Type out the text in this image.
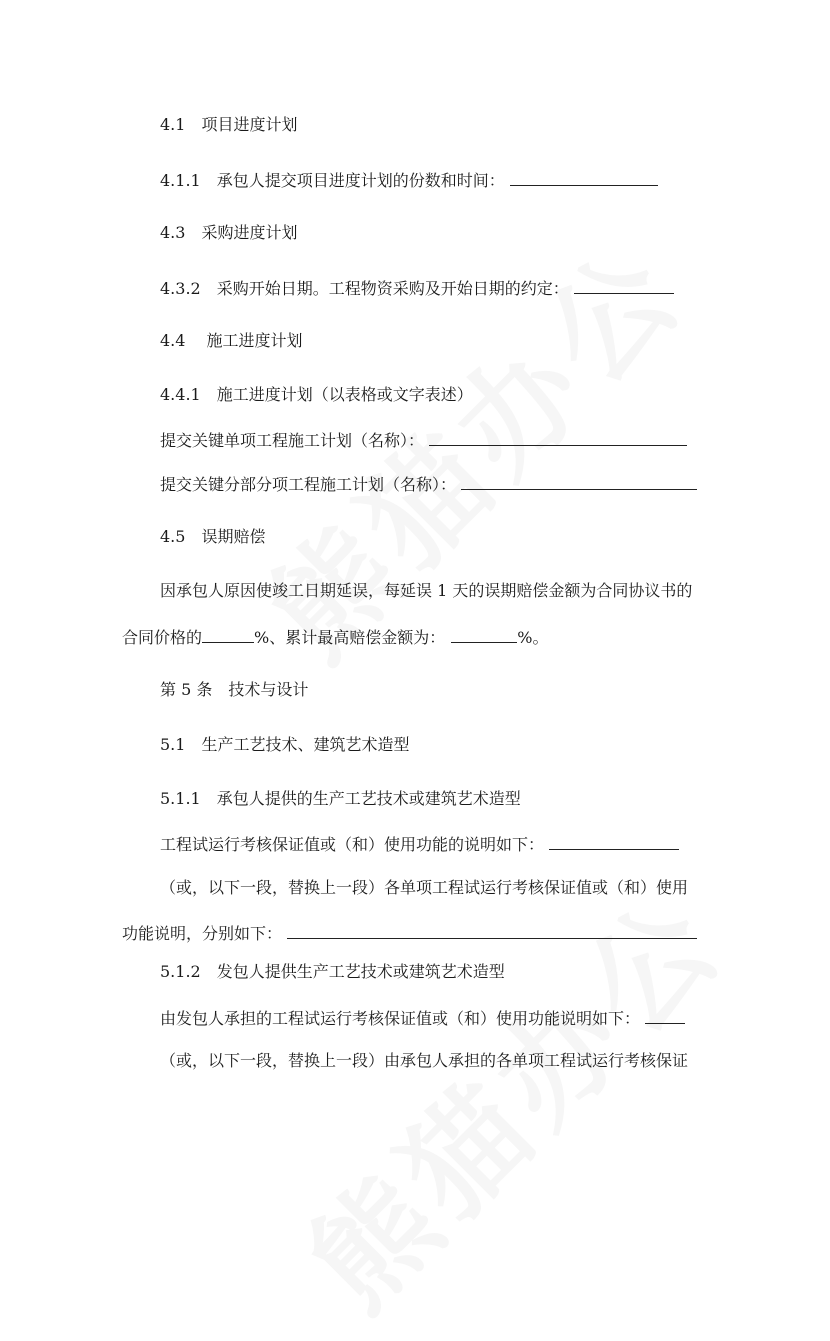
4.1　项目进度计划
4.1.1　承包人提交项目进度计划的份数和时间：
4.3　采购进度计划
4.3.2　采购开始日期。工程物资采购及开始日期的约定：
4.4　 施工进度计划
4.4.1　施工进度计划（以表格或文字表述）
提交关键单项工程施工计划（名称）：
提交关键分部分项工程施工计划（名称）：
4.5　误期赔偿
因承包人原因使竣工日期延误，每延误 1 天的误期赔偿金额为合同协议书的
合同价格的	%、累计最高赔偿金额为：	%。
第 5 条　技术与设计
5.1　生产工艺技术、建筑艺术造型
5.1.1　承包人提供的生产工艺技术或建筑艺术造型
工程试运行考核保证值或（和）使用功能的说明如下：
（或，以下一段，替换上一段）各单项工程试运行考核保证值或（和）使用
功能说明，分别如下：
5.1.2　发包人提供生产工艺技术或建筑艺术造型
由发包人承担的工程试运行考核保证值或（和）使用功能说明如下：
（或，以下一段，替换上一段）由承包人承担的各单项工程试运行考核保证
